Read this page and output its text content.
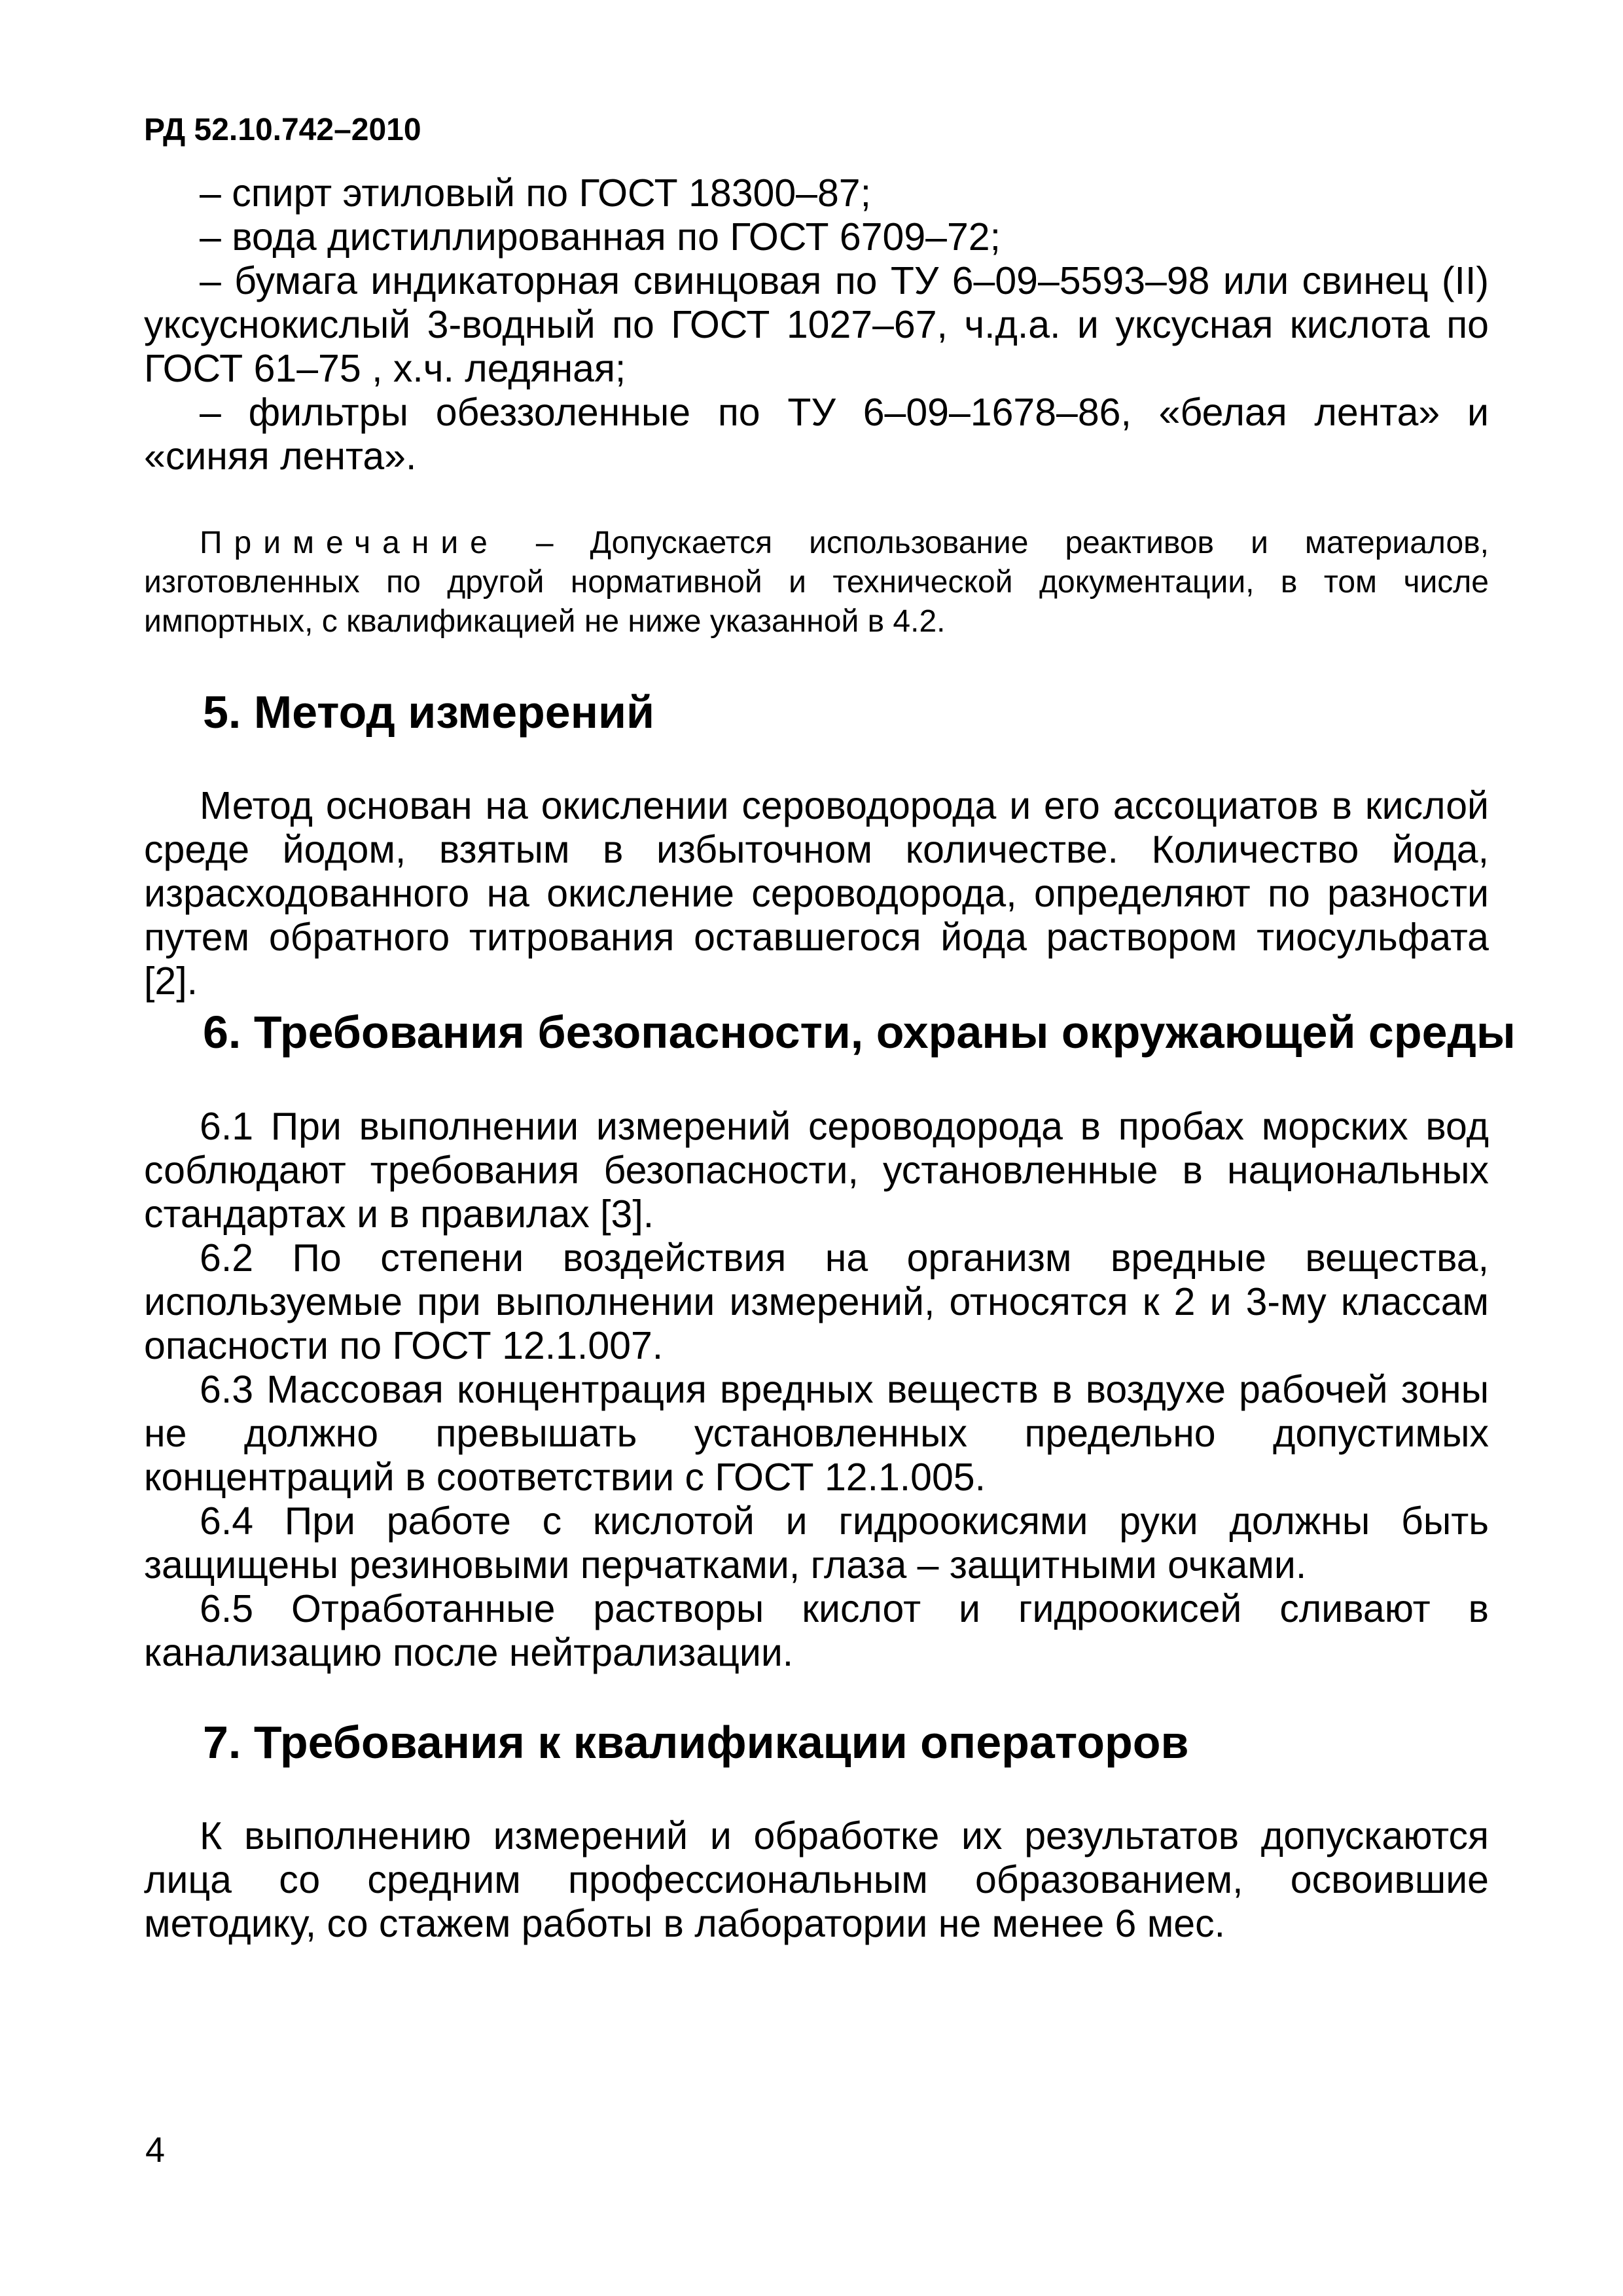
РД 52.10.742–2010

– спирт этиловый по ГОСТ 18300–87;

– вода дистиллированная по ГОСТ 6709–72;

– бумага индикаторная свинцовая по ТУ 6–09–5593–98 или свинец (II) уксуснокислый 3-водный по ГОСТ 1027–67, ч.д.а. и уксусная кислота по ГОСТ 61–75 , х.ч. ледяная;

– фильтры обеззоленные по ТУ 6–09–1678–86, «белая лента» и «синяя лента».

Примечание – Допускается использование реактивов и материалов, изготовленных по другой нормативной и технической документации, в том числе импортных, с квалификацией не ниже указанной в 4.2.

5. Метод измерений

Метод основан на окислении сероводорода и его ассоциатов в кислой среде йодом, взятым в избыточном количестве. Количество йода, израсходованного на окисление сероводорода, определяют по разности путем обратного титрования оставшегося йода раствором тиосульфата [2].

6. Требования безопасности, охраны окружающей среды

6.1 При выполнении измерений сероводорода в пробах морских вод соблюдают требования безопасности, установленные в национальных стандартах и в правилах [3].

6.2 По степени воздействия на организм вредные вещества, используемые при выполнении измерений, относятся к 2 и 3-му классам опасности по ГОСТ 12.1.007.

6.3 Массовая концентрация вредных веществ в воздухе рабочей зоны не должно превышать установленных предельно допустимых концентраций в соответствии с ГОСТ 12.1.005.

6.4 При работе с кислотой и гидроокисями руки должны быть защищены резиновыми перчатками, глаза – защитными очками.

6.5 Отработанные растворы кислот и гидроокисей сливают в канализацию после нейтрализации.

7. Требования к квалификации операторов

К выполнению измерений и обработке их результатов допускаются лица со средним профессиональным образованием, освоившие методику, со стажем работы в лаборатории не менее 6 мес.

4
